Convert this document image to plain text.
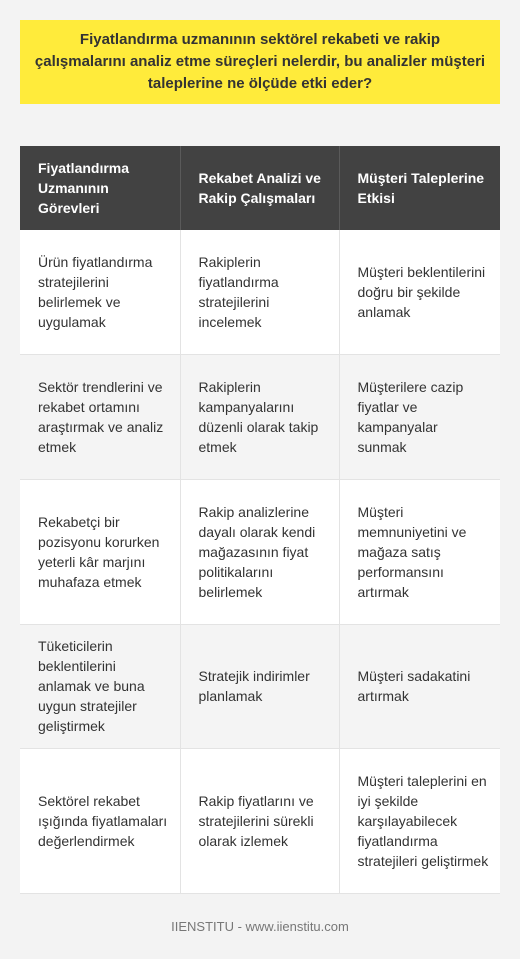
Fiyatlandırma uzmanının sektörel rekabeti ve rakip çalışmalarını analiz etme süreçleri nelerdir, bu analizler müşteri taleplerine ne ölçüde etki eder?

Fiyatlandırma Uzmanının Görevleri	Rekabet Analizi ve Rakip Çalışmaları	Müşteri Taleplerine Etkisi
Ürün fiyatlandırma stratejilerini belirlemek ve uygulamak	Rakiplerin fiyatlandırma stratejilerini incelemek	Müşteri beklentilerini doğru bir şekilde anlamak
Sektör trendlerini ve rekabet ortamını araştırmak ve analiz etmek	Rakiplerin kampanyalarını düzenli olarak takip etmek	Müşterilere cazip fiyatlar ve kampanyalar sunmak
Rekabetçi bir pozisyonu korurken yeterli kâr marjını muhafaza etmek	Rakip analizlerine dayalı olarak kendi mağazasının fiyat politikalarını belirlemek	Müşteri memnuniyetini ve mağaza satış performansını artırmak
Tüketicilerin beklentilerini anlamak ve buna uygun stratejiler geliştirmek	Stratejik indirimler planlamak	Müşteri sadakatini artırmak
Sektörel rekabet ışığında fiyatlamaları değerlendirmek	Rakip fiyatlarını ve stratejilerini sürekli olarak izlemek	Müşteri taleplerini en iyi şekilde karşılayabilecek fiyatlandırma stratejileri geliştirmek
IIENSTITU - www.iienstitu.com
